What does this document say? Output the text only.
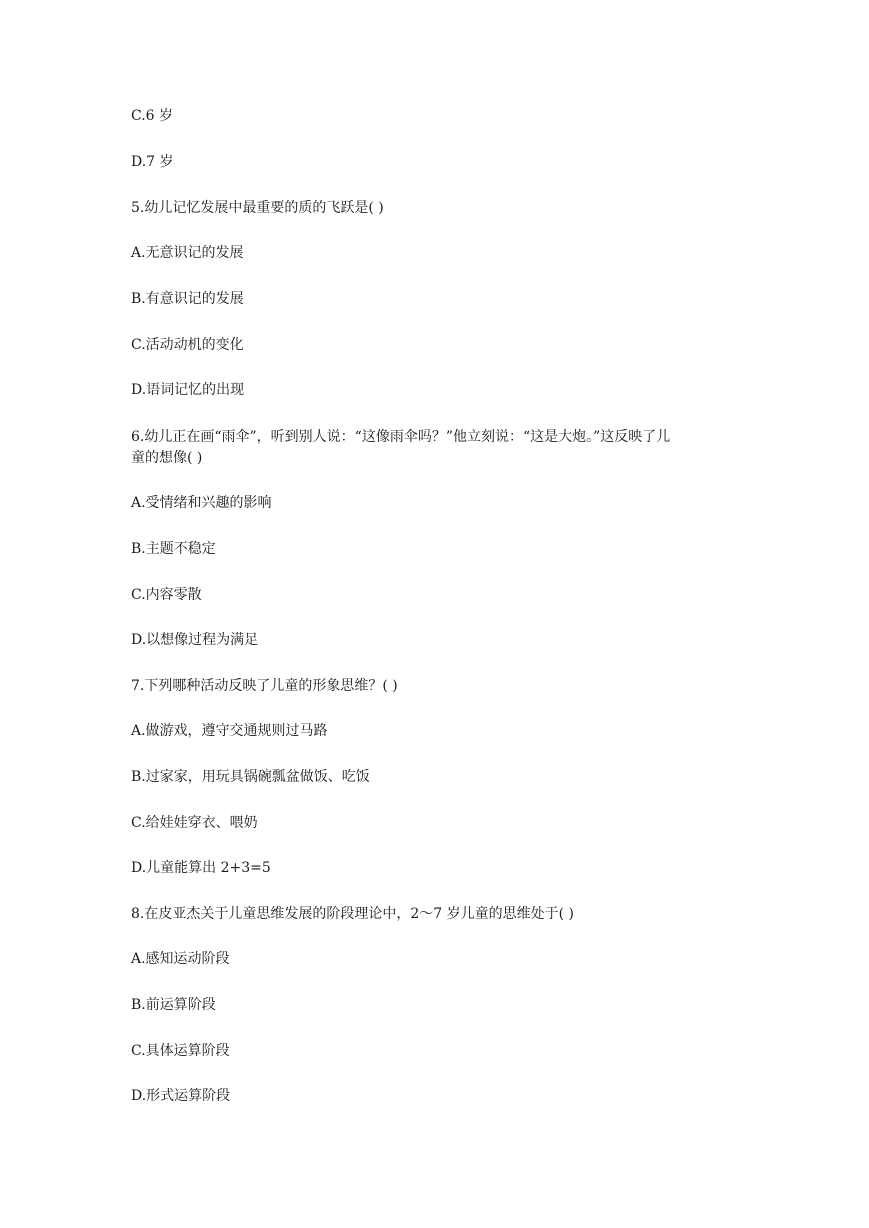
C.6 岁

D.7 岁

5.幼儿记忆发展中最重要的质的飞跃是( )

A.无意识记的发展

B.有意识记的发展

C.活动动机的变化

D.语词记忆的出现

6.幼儿正在画“雨伞”，听到别人说：“这像雨伞吗？”他立刻说：“这是大炮。”这反映了儿

童的想像( )

A.受情绪和兴趣的影响

B.主题不稳定

C.内容零散

D.以想像过程为满足

7.下列哪种活动反映了儿童的形象思维？( )

A.做游戏，遵守交通规则过马路

B.过家家，用玩具锅碗瓢盆做饭、吃饭

C.给娃娃穿衣、喂奶

D.儿童能算出 2+3=5

8.在皮亚杰关于儿童思维发展的阶段理论中，2～7 岁儿童的思维处于( )

A.感知运动阶段

B.前运算阶段

C.具体运算阶段

D.形式运算阶段
